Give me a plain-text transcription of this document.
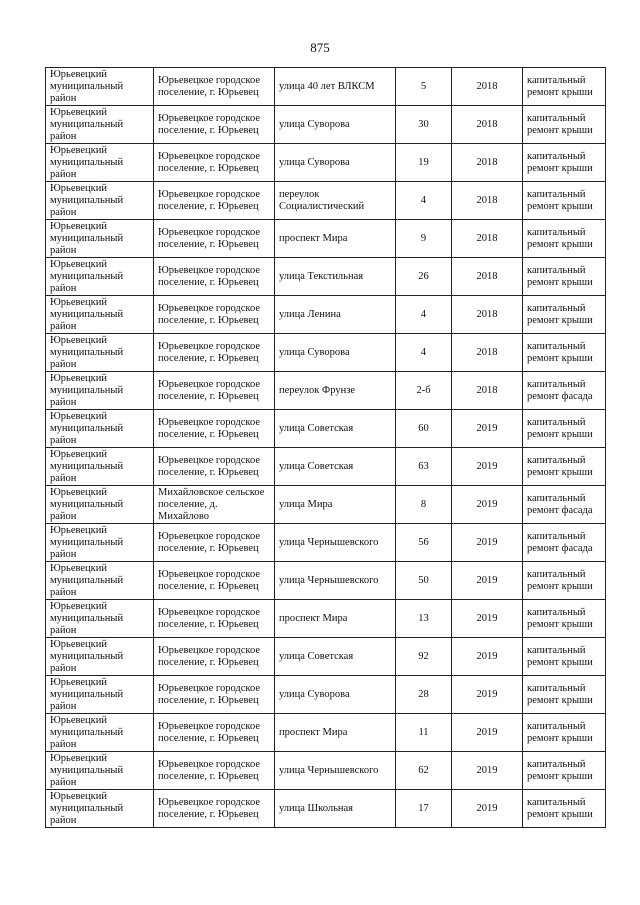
875
Юрьевецкий муниципальный район	Юрьевецкое городское поселение, г. Юрьевец	улица 40 лет ВЛКСМ	5	2018	капитальный ремонт крыши
Юрьевецкий муниципальный район	Юрьевецкое городское поселение, г. Юрьевец	улица Суворова	30	2018	капитальный ремонт крыши
Юрьевецкий муниципальный район	Юрьевецкое городское поселение, г. Юрьевец	улица Суворова	19	2018	капитальный ремонт крыши
Юрьевецкий муниципальный район	Юрьевецкое городское поселение, г. Юрьевец	переулок Социалистический	4	2018	капитальный ремонт крыши
Юрьевецкий муниципальный район	Юрьевецкое городское поселение, г. Юрьевец	проспект Мира	9	2018	капитальный ремонт крыши
Юрьевецкий муниципальный район	Юрьевецкое городское поселение, г. Юрьевец	улица Текстильная	26	2018	капитальный ремонт крыши
Юрьевецкий муниципальный район	Юрьевецкое городское поселение, г. Юрьевец	улица Ленина	4	2018	капитальный ремонт крыши
Юрьевецкий муниципальный район	Юрьевецкое городское поселение, г. Юрьевец	улица Суворова	4	2018	капитальный ремонт крыши
Юрьевецкий муниципальный район	Юрьевецкое городское поселение, г. Юрьевец	переулок Фрунзе	2-б	2018	капитальный ремонт фасада
Юрьевецкий муниципальный район	Юрьевецкое городское поселение, г. Юрьевец	улица Советская	60	2019	капитальный ремонт крыши
Юрьевецкий муниципальный район	Юрьевецкое городское поселение, г. Юрьевец	улица Советская	63	2019	капитальный ремонт крыши
Юрьевецкий муниципальный район	Михайловское сельское поселение, д. Михайлово	улица Мира	8	2019	капитальный ремонт фасада
Юрьевецкий муниципальный район	Юрьевецкое городское поселение, г. Юрьевец	улица Чернышевского	56	2019	капитальный ремонт фасада
Юрьевецкий муниципальный район	Юрьевецкое городское поселение, г. Юрьевец	улица Чернышевского	50	2019	капитальный ремонт крыши
Юрьевецкий муниципальный район	Юрьевецкое городское поселение, г. Юрьевец	проспект Мира	13	2019	капитальный ремонт крыши
Юрьевецкий муниципальный район	Юрьевецкое городское поселение, г. Юрьевец	улица Советская	92	2019	капитальный ремонт крыши
Юрьевецкий муниципальный район	Юрьевецкое городское поселение, г. Юрьевец	улица Суворова	28	2019	капитальный ремонт крыши
Юрьевецкий муниципальный район	Юрьевецкое городское поселение, г. Юрьевец	проспект Мира	11	2019	капитальный ремонт крыши
Юрьевецкий муниципальный район	Юрьевецкое городское поселение, г. Юрьевец	улица Чернышевского	62	2019	капитальный ремонт крыши
Юрьевецкий муниципальный район	Юрьевецкое городское поселение, г. Юрьевец	улица Школьная	17	2019	капитальный ремонт крыши
